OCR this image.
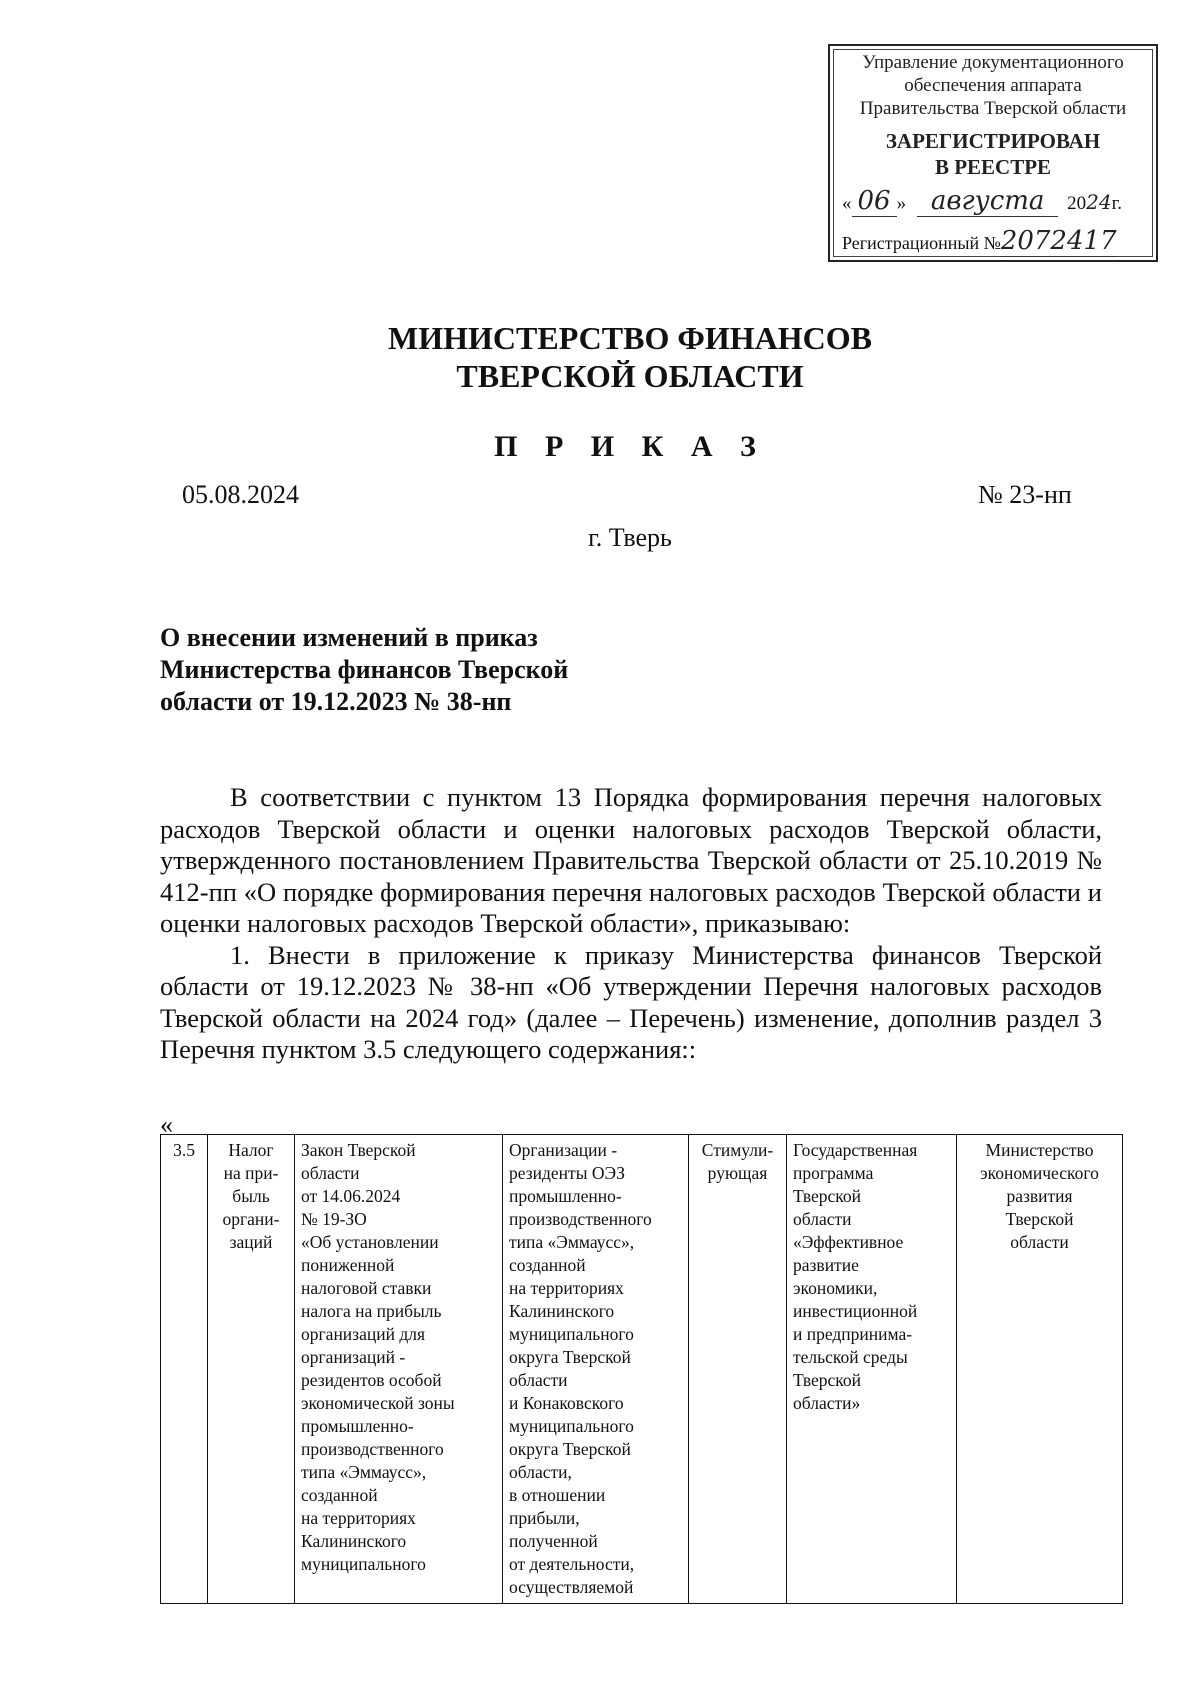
Управление документационного
обеспечения аппарата
Правительства Тверской области
ЗАРЕГИСТРИРОВАН
В РЕЕСТРЕ
« 06 » августа 2024г.
Регистрационный №2072417
МИНИСТЕРСТВО ФИНАНСОВ
ТВЕРСКОЙ ОБЛАСТИ
П Р И К А З
05.08.2024	№ 23-нп
г. Тверь
О внесении изменений в приказ
Министерства финансов Тверской
области от 19.12.2023 № 38-нп

В соответствии с пунктом 13 Порядка формирования перечня налоговых расходов Тверской области и оценки налоговых расходов Тверской области, утвержденного постановлением Правительства Тверской области от 25.10.2019 № 412-пп «О порядке формирования перечня налоговых расходов Тверской области и оценки налоговых расходов Тверской области», приказываю:

1. Внести в приложение к приказу Министерства финансов Тверской области от 19.12.2023 № 38-нп «Об утверждении Перечня налоговых расходов Тверской области на 2024 год» (далее – Перечень) изменение, дополнив раздел 3 Перечня пунктом 3.5 следующего содержания::

«
3.5	Налог
на при-
быль
органи-
заций	Закон Тверской
области
от 14.06.2024
№ 19-ЗО
«Об установлении
пониженной
налоговой ставки
налога на прибыль
организаций для
организаций -
резидентов особой
экономической зоны
промышленно-
производственного
типа «Эммаусс»,
созданной
на территориях
Калининского
муниципального	Организации -
резиденты ОЭЗ
промышленно-
производственного
типа «Эммаусс»,
созданной
на территориях
Калининского
муниципального
округа Тверской
области
и Конаковского
муниципального
округа Тверской
области,
в отношении
прибыли,
полученной
от деятельности,
осуществляемой	Стимули-
рующая	Государственная
программа
Тверской
области
«Эффективное
развитие
экономики,
инвестиционной
и предпринима-
тельской среды
Тверской
области»	Министерство
экономического
развития
Тверской
области
